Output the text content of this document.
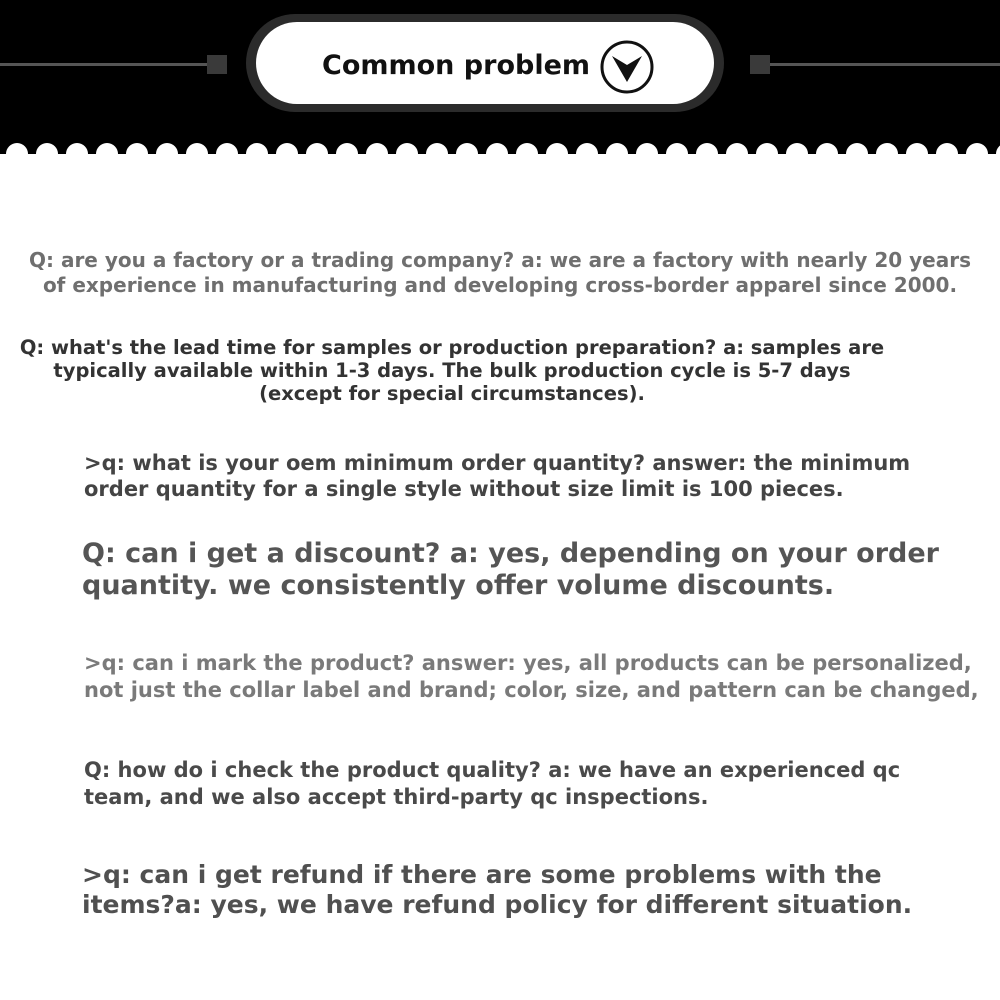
Common problem

Q: are you a factory or a trading company? a: we are a factory with nearly 20 years of experience in manufacturing and developing cross-border apparel since 2000.

Q: what's the lead time for samples or production preparation? a: samples are typically available within 1-3 days. The bulk production cycle is 5-7 days (except for special circumstances).

>q: what is your oem minimum order quantity? answer: the minimum order quantity for a single style without size limit is 100 pieces.

Q: can i get a discount? a: yes, depending on your order quantity. we consistently offer volume discounts.

>q: can i mark the product? answer: yes, all products can be personalized,
not just the collar label and brand; color, size, and pattern can be changed,

Q: how do i check the product quality? a: we have an experienced qc team, and we also accept third-party qc inspections.

>q: can i get refund if there are some problems with the items?a: yes, we have refund policy for different situation.
